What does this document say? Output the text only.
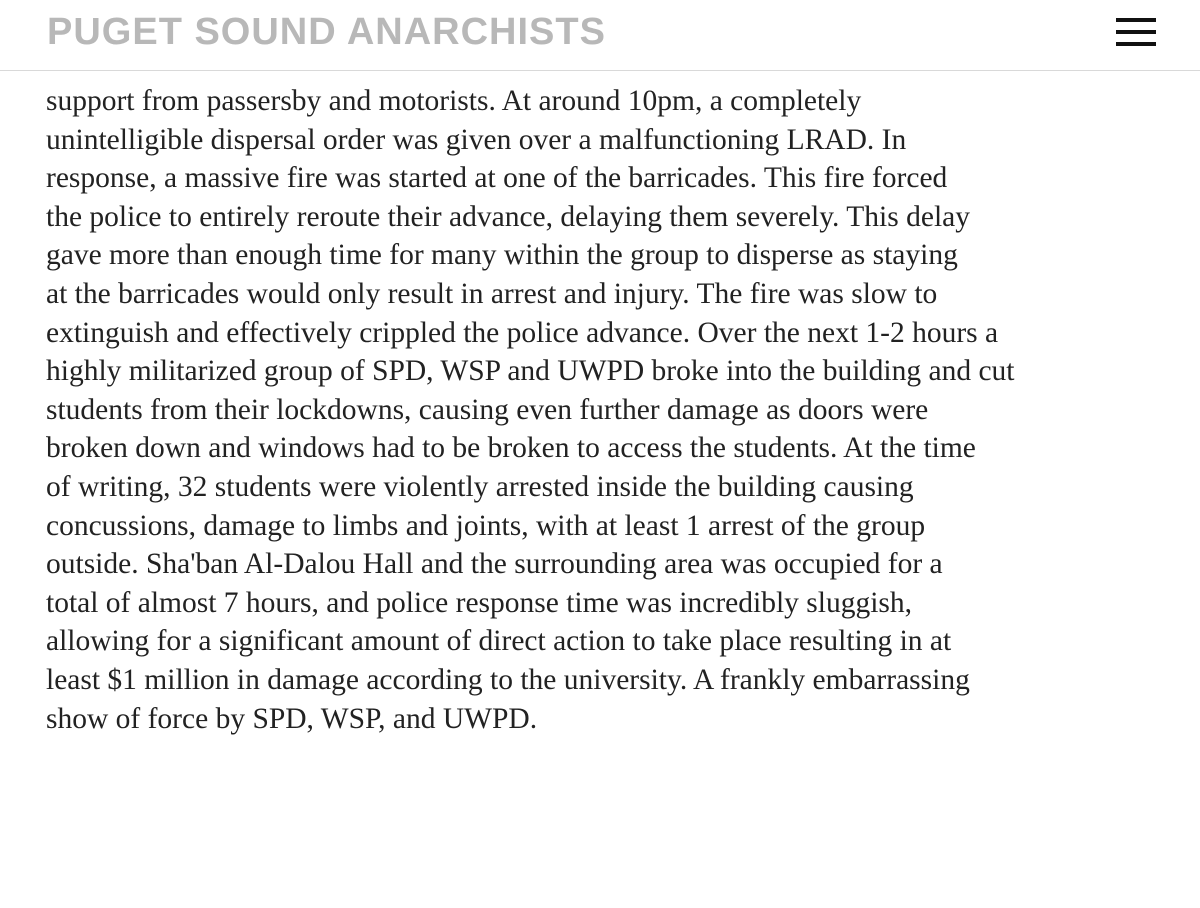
PUGET SOUND ANARCHISTS
support from passersby and motorists. At around 10pm, a completely
unintelligible dispersal order was given over a malfunctioning LRAD. In
response, a massive fire was started at one of the barricades. This fire forced
the police to entirely reroute their advance, delaying them severely. This delay
gave more than enough time for many within the group to disperse as staying
at the barricades would only result in arrest and injury. The fire was slow to
extinguish and effectively crippled the police advance. Over the next 1-2 hours a
highly militarized group of SPD, WSP and UWPD broke into the building and cut
students from their lockdowns, causing even further damage as doors were
broken down and windows had to be broken to access the students. At the time
of writing, 32 students were violently arrested inside the building causing
concussions, damage to limbs and joints, with at least 1 arrest of the group
outside. Sha'ban Al-Dalou Hall and the surrounding area was occupied for a
total of almost 7 hours, and police response time was incredibly sluggish,
allowing for a significant amount of direct action to take place resulting in at
least $1 million in damage according to the university. A frankly embarrassing
show of force by SPD, WSP, and UWPD.
